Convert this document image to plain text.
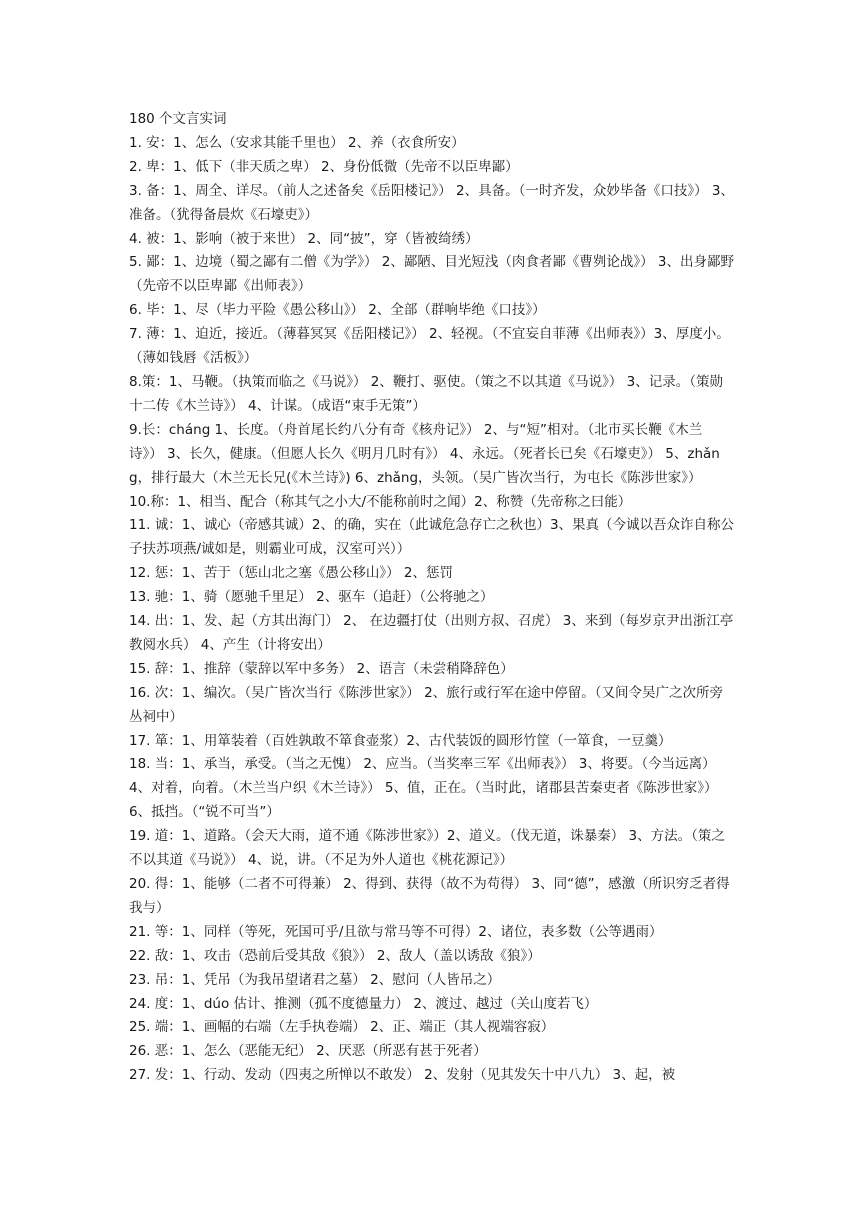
180 个文言实词

1. 安：1、怎么（安求其能千里也） 2、养（衣食所安）

2. 卑：1、低下（非天质之卑） 2、身份低微（先帝不以臣卑鄙）

3. 备：1、周全、详尽。（前人之述备矣《岳阳楼记》） 2、具备。（一时齐发，众妙毕备《口技》） 3、准备。（犹得备晨炊《石壕吏》）

4. 被：1、影响（被于来世） 2、同“披”，穿（皆被绮绣）

5. 鄙：1、边境（蜀之鄙有二僧《为学》） 2、鄙陋、目光短浅（肉食者鄙《曹刿论战》） 3、出身鄙野（先帝不以臣卑鄙《出师表》）

6. 毕：1、尽（毕力平险《愚公移山》） 2、全部（群响毕绝《口技》）

7. 薄：1、迫近，接近。（薄暮冥冥《岳阳楼记》） 2、轻视。（不宜妄自菲薄《出师表》）3、厚度小。（薄如钱唇《活板》）

8.策：1、马鞭。（执策而临之《马说》） 2、鞭打、驱使。（策之不以其道《马说》） 3、记录。（策勋十二传《木兰诗》） 4、计谋。（成语“束手无策”）

9.长：cháng 1、长度。（舟首尾长约八分有奇《核舟记》） 2、与“短”相对。（北市买长鞭《木兰诗》） 3、长久，健康。（但愿人长久《明月几时有》） 4、永远。（死者长已矣《石壕吏》） 5、zhǎng，排行最大（木兰无长兄(《木兰诗》) 6、zhǎng，头领。（吴广皆次当行，为屯长《陈涉世家》）

10.称：1、相当、配合（称其气之小大/不能称前时之闻）2、称赞（先帝称之曰能）

11. 诚：1、诚心（帝感其诚）2、的确，实在（此诚危急存亡之秋也）3、果真（今诚以吾众诈自称公子扶苏项燕/诚如是，则霸业可成，汉室可兴））

12. 惩：1、苦于（惩山北之塞《愚公移山》） 2、惩罚

13. 驰：1、骑（愿驰千里足） 2、驱车（追赶）（公将驰之）

14. 出：1、发、起（方其出海门） 2、 在边疆打仗（出则方叔、召虎） 3、来到（每岁京尹出浙江亭教阅水兵） 4、产生（计将安出）

15. 辞：1、推辞（蒙辞以军中多务） 2、语言（未尝稍降辞色）

16. 次：1、编次。（吴广皆次当行《陈涉世家》） 2、旅行或行军在途中停留。（又间令吴广之次所旁丛祠中）

17. 箪：1、用箪装着（百姓孰敢不箪食壶浆）2、古代装饭的圆形竹筐（一箪食，一豆羹）

18. 当：1、承当，承受。（当之无愧） 2、应当。（当奖率三军《出师表》） 3、将要。（今当远离） 4、对着，向着。（木兰当户织《木兰诗》） 5、值，正在。（当时此，诸郡县苦秦吏者《陈涉世家》） 6、抵挡。（“锐不可当”）

19. 道：1、道路。（会天大雨，道不通《陈涉世家》）2、道义。（伐无道，诛暴秦） 3、方法。（策之不以其道《马说》） 4、说，讲。（不足为外人道也《桃花源记》）

20. 得：1、能够（二者不可得兼） 2、得到、获得（故不为苟得） 3、同“德”，感激（所识穷乏者得我与）

21. 等：1、同样（等死，死国可乎/且欲与常马等不可得）2、诸位，表多数（公等遇雨）

22. 敌：1、攻击（恐前后受其敌《狼》） 2、敌人（盖以诱敌《狼》）

23. 吊：1、凭吊（为我吊望诸君之墓） 2、慰问（人皆吊之）

24. 度：1、dúo 估计、推测（孤不度德量力） 2、渡过、越过（关山度若飞）

25. 端：1、画幅的右端（左手执卷端） 2、正、端正（其人视端容寂）

26. 恶：1、怎么（恶能无纪） 2、厌恶（所恶有甚于死者）

27. 发：1、行动、发动（四夷之所惮以不敢发） 2、发射（见其发矢十中八九） 3、起，被
